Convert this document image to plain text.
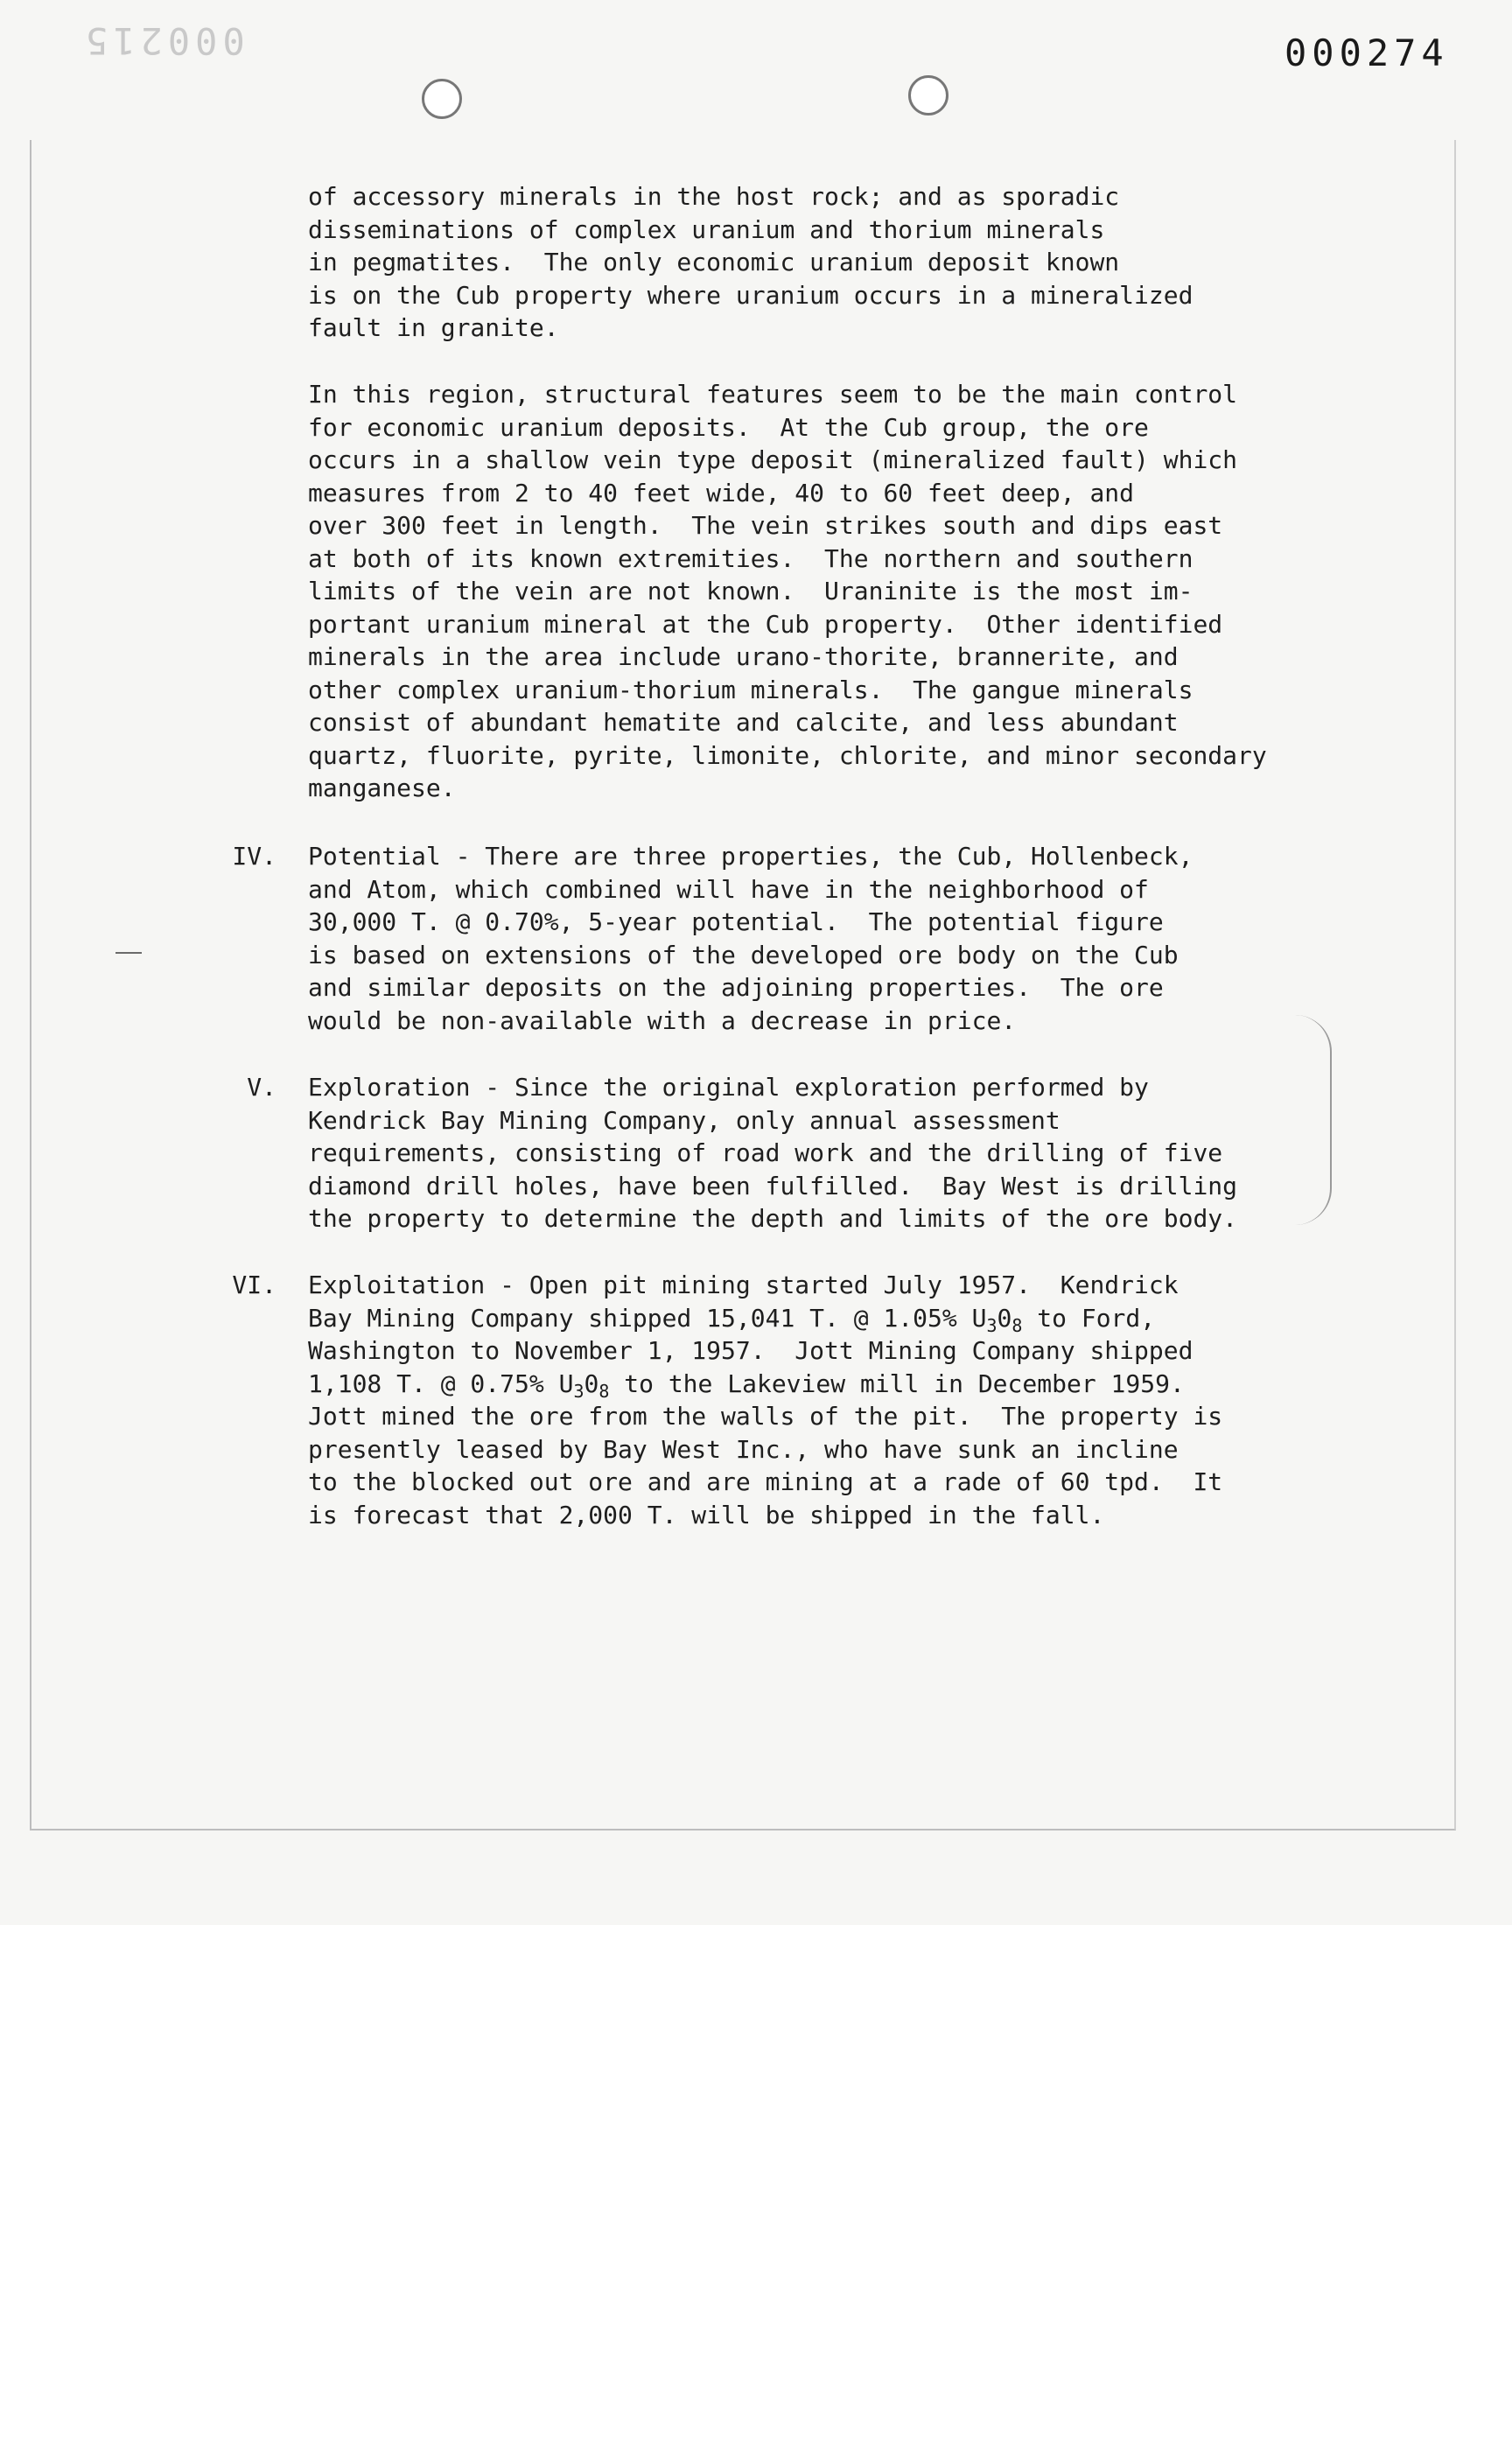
000215	000274
of accessory minerals in the host rock; and as sporadic
disseminations of complex uranium and thorium minerals
in pegmatites.  The only economic uranium deposit known
is on the Cub property where uranium occurs in a mineralized
fault in granite.
In this region, structural features seem to be the main control
for economic uranium deposits.  At the Cub group, the ore
occurs in a shallow vein type deposit (mineralized fault) which
measures from 2 to 40 feet wide, 40 to 60 feet deep, and
over 300 feet in length.  The vein strikes south and dips east
at both of its known extremities.  The northern and southern
limits of the vein are not known.  Uraninite is the most im-
portant uranium mineral at the Cub property.  Other identified
minerals in the area include urano-thorite, brannerite, and
other complex uranium-thorium minerals.  The gangue minerals
consist of abundant hematite and calcite, and less abundant
quartz, fluorite, pyrite, limonite, chlorite, and minor secondary
manganese.
IV. Potential - There are three properties, the Cub, Hollenbeck,
and Atom, which combined will have in the neighborhood of
30,000 T. @ 0.70%, 5-year potential.  The potential figure
is based on extensions of the developed ore body on the Cub
and similar deposits on the adjoining properties.  The ore
would be non-available with a decrease in price.
V. Exploration - Since the original exploration performed by
Kendrick Bay Mining Company, only annual assessment
requirements, consisting of road work and the drilling of five
diamond drill holes, have been fulfilled.  Bay West is drilling
the property to determine the depth and limits of the ore body.
VI. Exploitation - Open pit mining started July 1957.  Kendrick
Bay Mining Company shipped 15,041 T. @ 1.05% $U_30_8$ to Ford,
Washington to November 1, 1957.  Jott Mining Company shipped
1,108 T. @ 0.75% $U_30_8$ to the Lakeview mill in December 1959.
Jott mined the ore from the walls of the pit.  The property is
presently leased by Bay West Inc., who have sunk an incline
to the blocked out ore and are mining at a rade of 60 tpd.  It
is forecast that 2,000 T. will be shipped in the fall.
